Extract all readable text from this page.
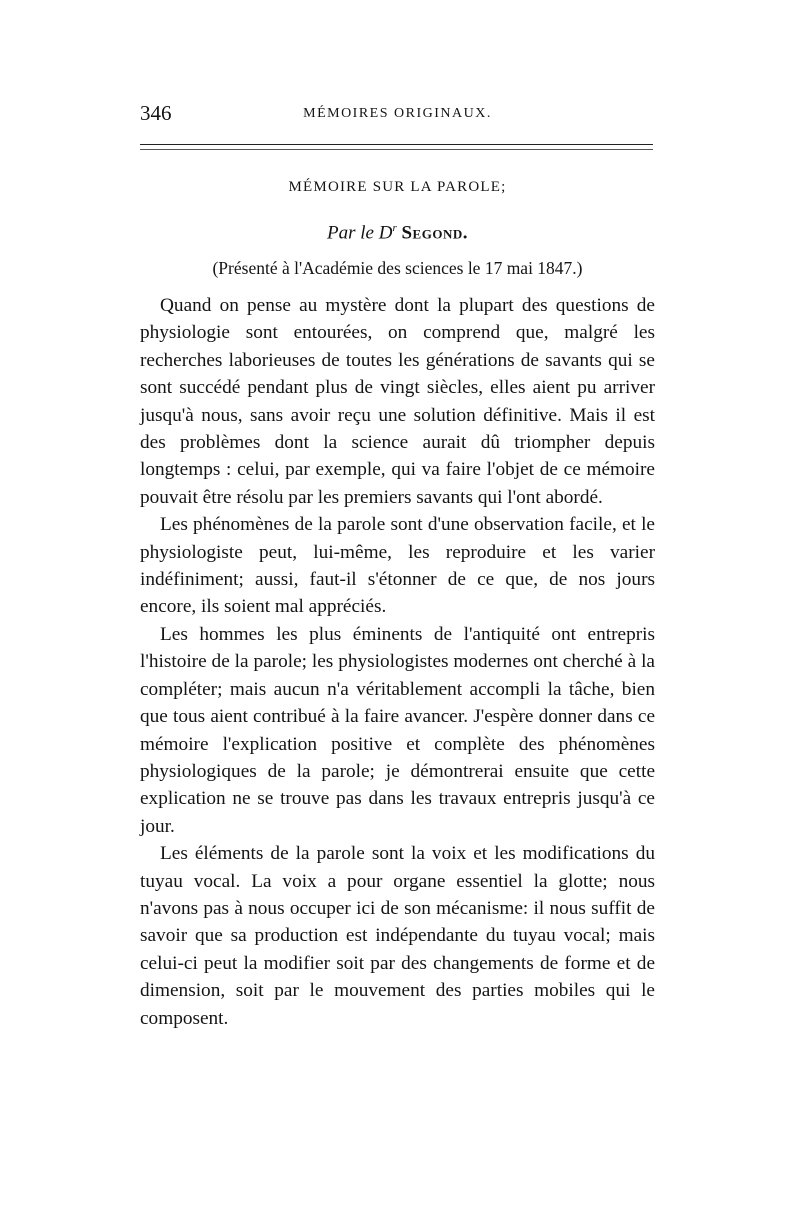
346	MÉMOIRES ORIGINAUX.
MÉMOIRE SUR LA PAROLE;
Par le $D^r$ Segond.
(Présenté à l'Académie des sciences le 17 mai 1847.)

Quand on pense au mystère dont la plupart des questions de physiologie sont entourées, on comprend que, malgré les recherches laborieuses de toutes les générations de savants qui se sont succédé pendant plus de vingt siècles, elles aient pu arriver jusqu'à nous, sans avoir reçu une solution définitive. Mais il est des problèmes dont la science aurait dû triompher depuis longtemps : celui, par exemple, qui va faire l'objet de ce mémoire pouvait être résolu par les premiers savants qui l'ont abordé.

Les phénomènes de la parole sont d'une observation facile, et le physiologiste peut, lui-même, les reproduire et les varier indéfiniment; aussi, faut-il s'étonner de ce que, de nos jours encore, ils soient mal appréciés.

Les hommes les plus éminents de l'antiquité ont entrepris l'histoire de la parole; les physiologistes modernes ont cherché à la compléter; mais aucun n'a véritablement accompli la tâche, bien que tous aient contribué à la faire avancer. J'espère donner dans ce mémoire l'explication positive et complète des phénomènes physiologiques de la parole; je démontrerai ensuite que cette explication ne se trouve pas dans les travaux entrepris jusqu'à ce jour.

Les éléments de la parole sont la voix et les modifications du tuyau vocal. La voix a pour organe essentiel la glotte; nous n'avons pas à nous occuper ici de son mécanisme: il nous suffit de savoir que sa production est indépendante du tuyau vocal; mais celui-ci peut la modifier soit par des changements de forme et de dimension, soit par le mouvement des parties mobiles qui le composent.
